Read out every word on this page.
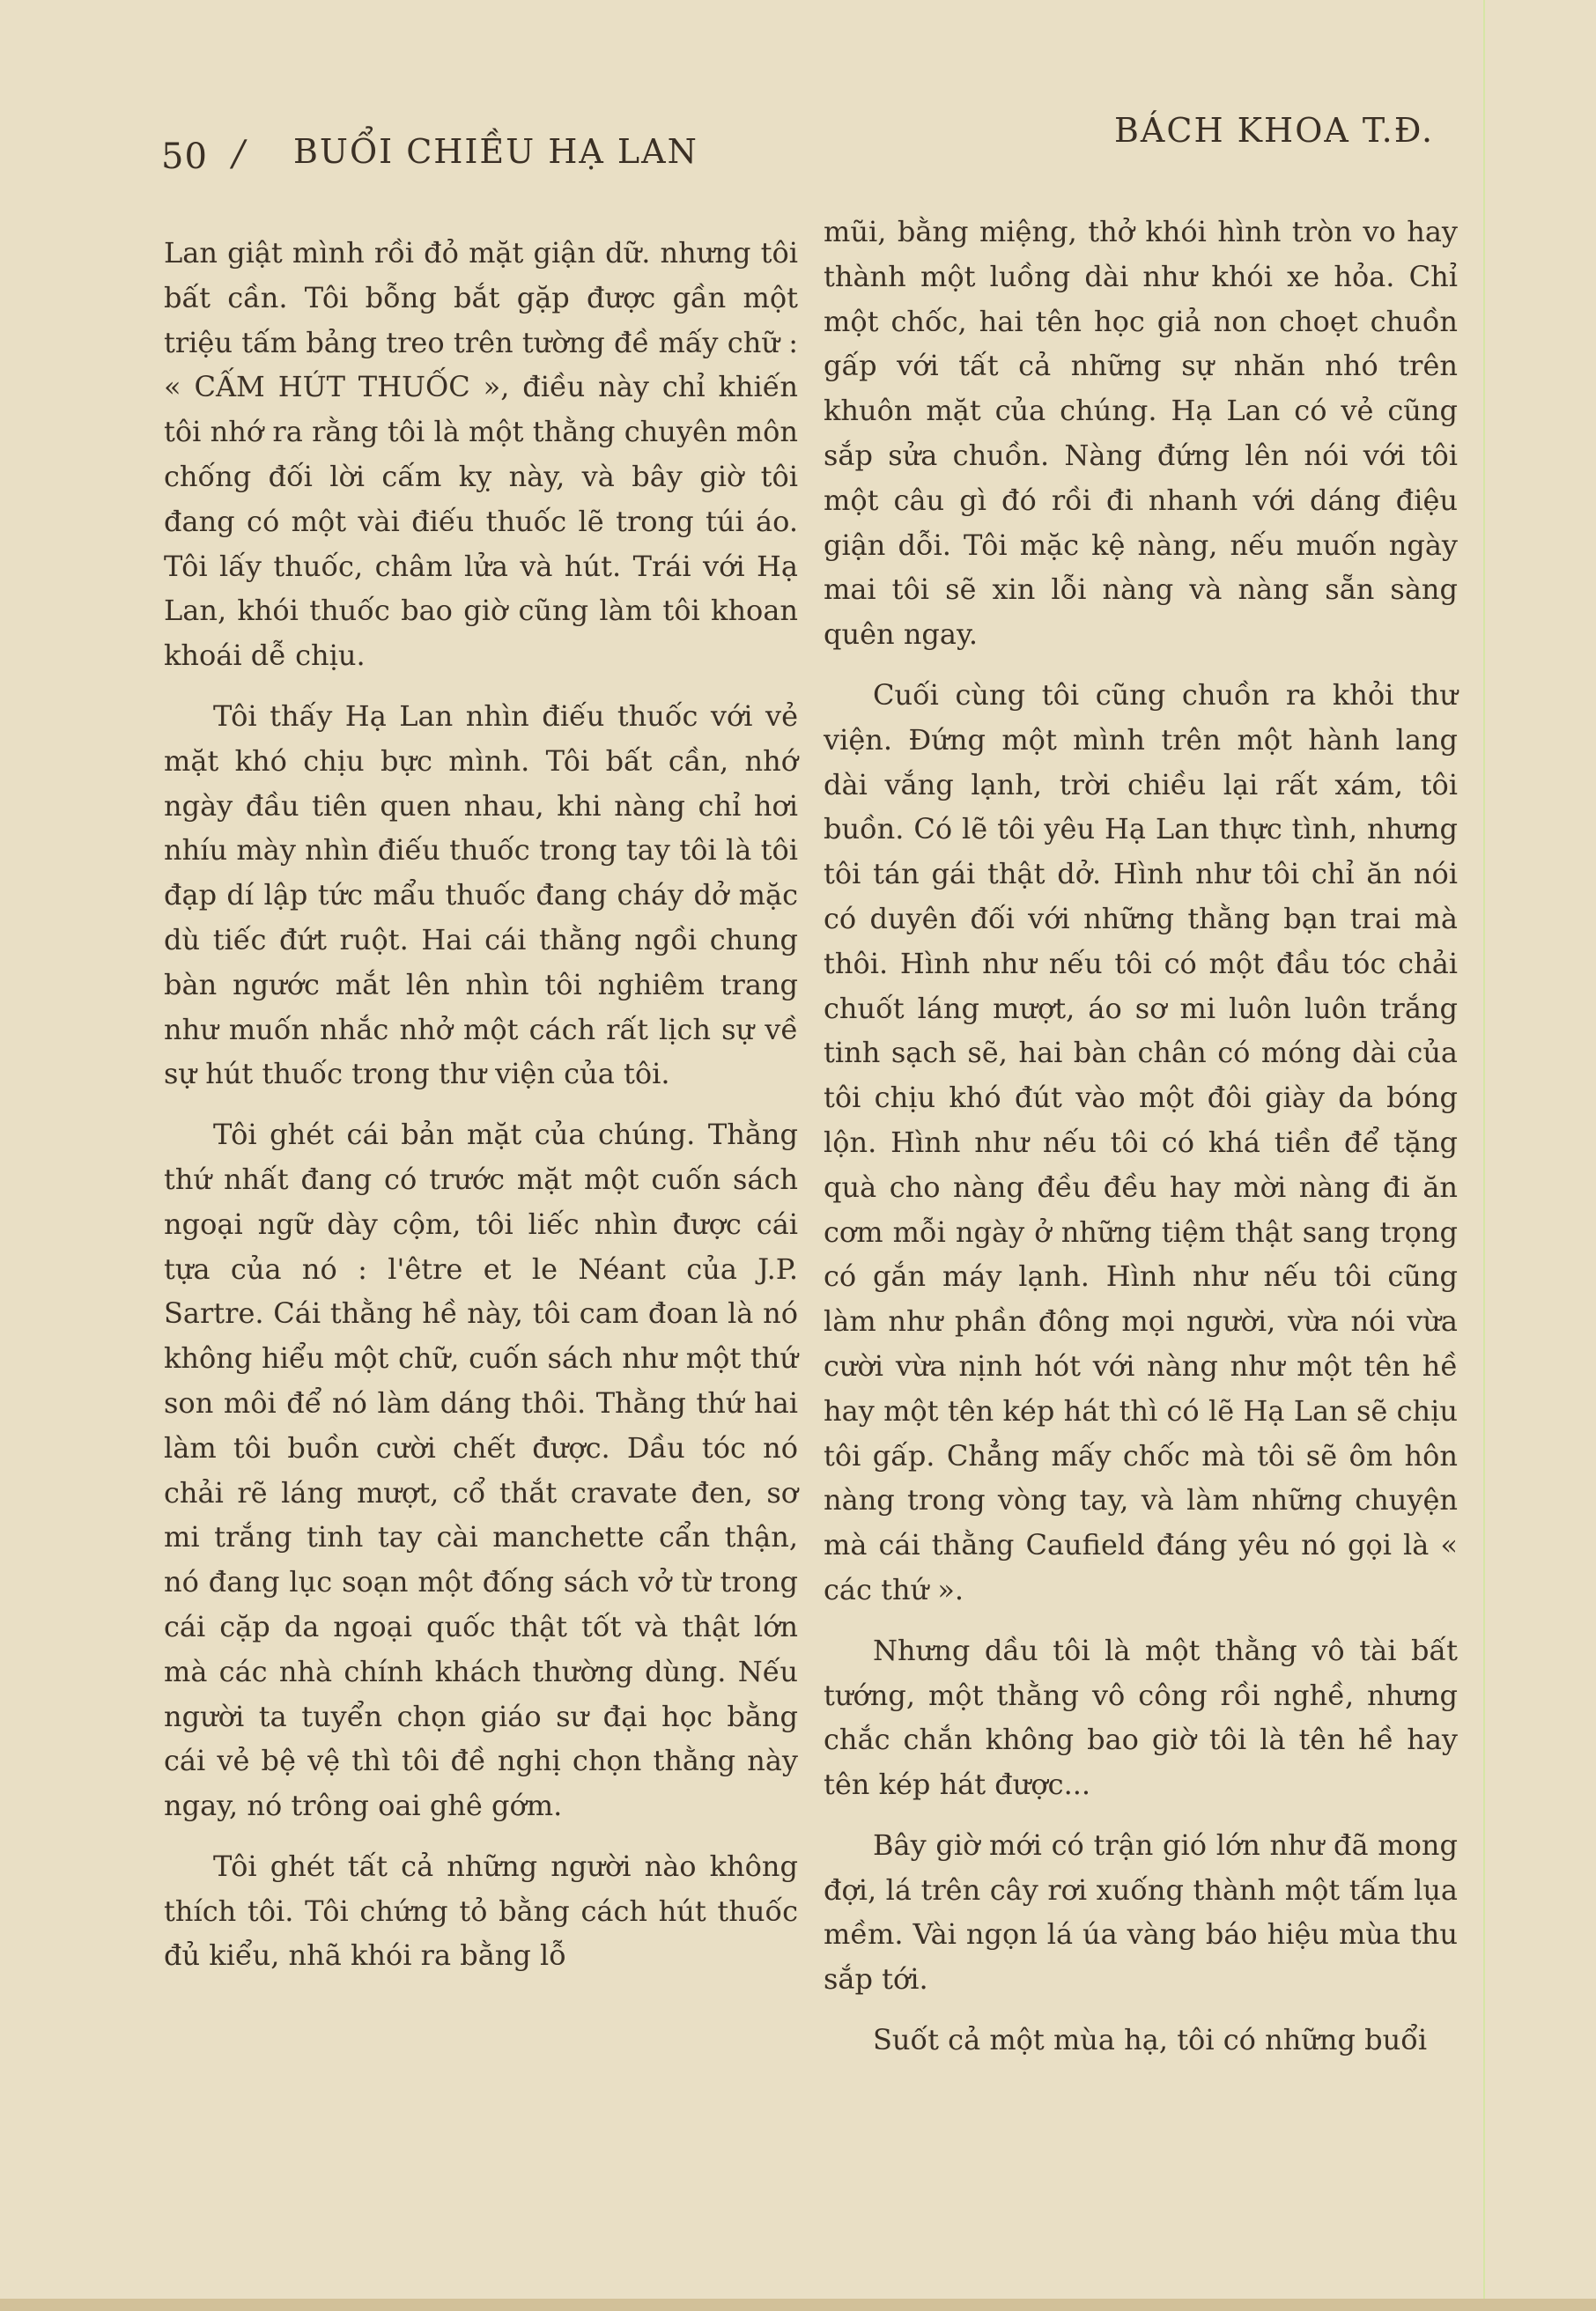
50 / BUỔI CHIỀU HẠ LAN
BÁCH KHOA T.Đ.

Lan giật mình rồi đỏ mặt giận dữ. nhưng tôi bất cần. Tôi bỗng bắt gặp được gần một triệu tấm bảng treo trên tường đề mấy chữ : « CẤM HÚT THUỐC », điều này chỉ khiến tôi nhớ ra rằng tôi là một thằng chuyên môn chống đối lời cấm kỵ này, và bây giờ tôi đang có một vài điếu thuốc lẽ trong túi áo. Tôi lấy thuốc, châm lửa và hút. Trái với Hạ Lan, khói thuốc bao giờ cũng làm tôi khoan khoái dễ chịu.

Tôi thấy Hạ Lan nhìn điếu thuốc với vẻ mặt khó chịu bực mình. Tôi bất cần, nhớ ngày đầu tiên quen nhau, khi nàng chỉ hơi nhíu mày nhìn điếu thuốc trong tay tôi là tôi đạp dí lập tức mẩu thuốc đang cháy dở mặc dù tiếc đứt ruột. Hai cái thằng ngồi chung bàn ngước mắt lên nhìn tôi nghiêm trang như muốn nhắc nhở một cách rất lịch sự về sự hút thuốc trong thư viện của tôi.

Tôi ghét cái bản mặt của chúng. Thằng thứ nhất đang có trước mặt một cuốn sách ngoại ngữ dày cộm, tôi liếc nhìn được cái tựa của nó : l'être et le Néant của J.P. Sartre. Cái thằng hề này, tôi cam đoan là nó không hiểu một chữ, cuốn sách như một thứ son môi để nó làm dáng thôi. Thằng thứ hai làm tôi buồn cười chết được. Dầu tóc nó chải rẽ láng mượt, cổ thắt cravate đen, sơ mi trắng tinh tay cài manchette cẩn thận, nó đang lục soạn một đống sách vở từ trong cái cặp da ngoại quốc thật tốt và thật lớn mà các nhà chính khách thường dùng. Nếu người ta tuyển chọn giáo sư đại học bằng cái vẻ bệ vệ thì tôi đề nghị chọn thằng này ngay, nó trông oai ghê gớm.

Tôi ghét tất cả những người nào không thích tôi. Tôi chứng tỏ bằng cách hút thuốc đủ kiểu, nhã khói ra bằng lỗ

mũi, bằng miệng, thở khói hình tròn vo hay thành một luồng dài như khói xe hỏa. Chỉ một chốc, hai tên học giả non choẹt chuồn gấp với tất cả những sự nhăn nhó trên khuôn mặt của chúng. Hạ Lan có vẻ cũng sắp sửa chuồn. Nàng đứng lên nói với tôi một câu gì đó rồi đi nhanh với dáng điệu giận dỗi. Tôi mặc kệ nàng, nếu muốn ngày mai tôi sẽ xin lỗi nàng và nàng sẵn sàng quên ngay.

Cuối cùng tôi cũng chuồn ra khỏi thư viện. Đứng một mình trên một hành lang dài vắng lạnh, trời chiều lại rất xám, tôi buồn. Có lẽ tôi yêu Hạ Lan thực tình, nhưng tôi tán gái thật dở. Hình như tôi chỉ ăn nói có duyên đối với những thằng bạn trai mà thôi. Hình như nếu tôi có một đầu tóc chải chuốt láng mượt, áo sơ mi luôn luôn trắng tinh sạch sẽ, hai bàn chân có móng dài của tôi chịu khó đút vào một đôi giày da bóng lộn. Hình như nếu tôi có khá tiền để tặng quà cho nàng đều đều hay mời nàng đi ăn cơm mỗi ngày ở những tiệm thật sang trọng có gắn máy lạnh. Hình như nếu tôi cũng làm như phần đông mọi người, vừa nói vừa cười vừa nịnh hót với nàng như một tên hề hay một tên kép hát thì có lẽ Hạ Lan sẽ chịu tôi gấp. Chẳng mấy chốc mà tôi sẽ ôm hôn nàng trong vòng tay, và làm những chuyện mà cái thằng Caufield đáng yêu nó gọi là « các thứ ».

Nhưng dầu tôi là một thằng vô tài bất tướng, một thằng vô công rồi nghề, nhưng chắc chắn không bao giờ tôi là tên hề hay tên kép hát được...

Bây giờ mới có trận gió lớn như đã mong đợi, lá trên cây rơi xuống thành một tấm lụa mềm. Vài ngọn lá úa vàng báo hiệu mùa thu sắp tới.

Suốt cả một mùa hạ, tôi có những buổi
